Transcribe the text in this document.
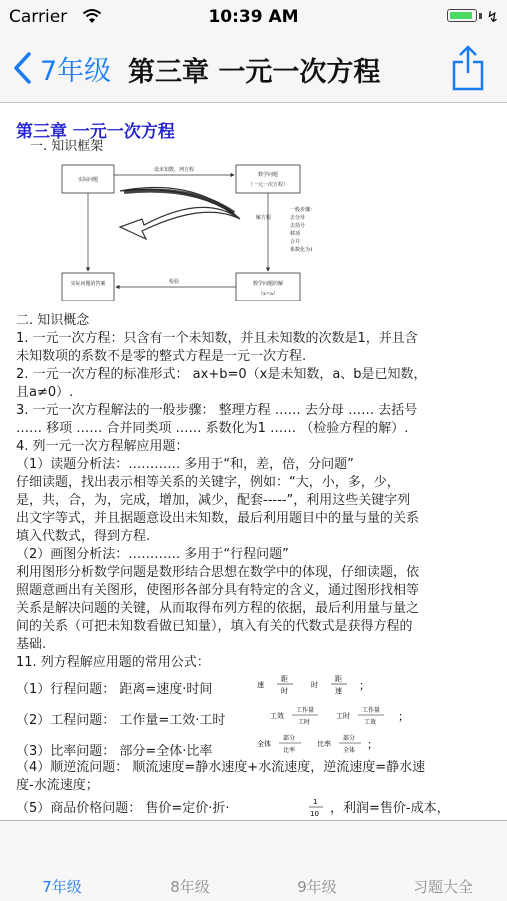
Carrier	10:39 AM	↯
7年级 第三章 一元一次方程
第三章 一元一次方程
一. 知识框架
实际问题
数学问题
（一元一次方程）
实际问题的答案	数学问题的解
（x=a）
设未知数，列方程
检验
解方程
一般步骤：
去分母
去括号
移项
合并
系数化为1
二. 知识概念
1. 一元一次方程：只含有一个未知数，并且未知数的次数是1，并且含
未知数项的系数不是零的整式方程是一元一次方程.
2. 一元一次方程的标准形式： ax+b=0（x是未知数，a、b是已知数，
且a≠0）.
3. 一元一次方程解法的一般步骤： 整理方程 …… 去分母 …… 去括号
…… 移项 …… 合并同类项 …… 系数化为1 …… （检验方程的解）.
4. 列一元一次方程解应用题：
（1）读题分析法：………… 多用于“和，差，倍，分问题”
仔细读题，找出表示相等关系的关键字，例如：“大，小，多，少，
是，共，合，为，完成，增加，减少，配套-----”，利用这些关键字列
出文字等式，并且据题意设出未知数，最后利用题目中的量与量的关系
填入代数式，得到方程.
（2）画图分析法：………… 多用于“行程问题”
利用图形分析数学问题是数形结合思想在数学中的体现，仔细读题，依
照题意画出有关图形，使图形各部分具有特定的含义，通过图形找相等
关系是解决问题的关键，从而取得布列方程的依据，最后利用量与量之
间的关系（可把未知数看做已知量），填入有关的代数式是获得方程的
基础.
11. 列方程解应用题的常用公式：
（1）行程问题： 距离=速度·时间
（2）工程问题： 工作量=工效·工时
（3）比率问题： 部分=全体·比率
（4）顺逆流问题： 顺流速度=静水速度+水流速度，逆流速度=静水速
度-水流速度；
（5）商品价格问题： 售价=定价·折·	，利润=售价-成本，
速
距
时
时
距
速 ；
工效
工作量
工时
工时
工作量
工效 ；
全体
部分
比率
比率
部分
全体 ；
1
10
7年级	8年级	9年级	习题大全
